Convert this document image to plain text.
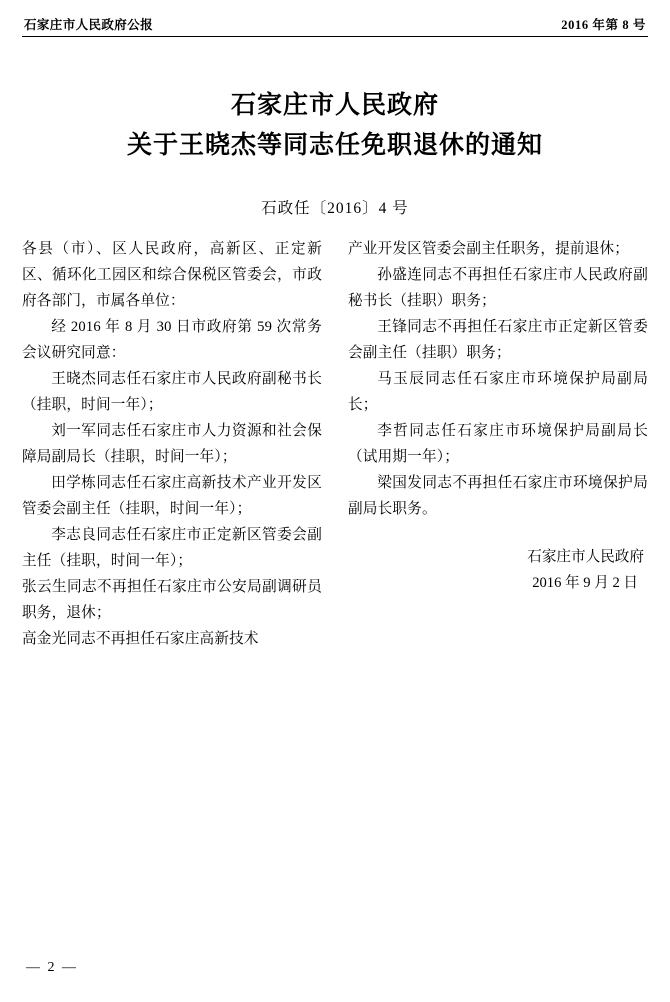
石家庄市人民政府公报	2016 年第 8 号
石家庄市人民政府
关于王晓杰等同志任免职退休的通知
石政任〔2016〕4 号

各县（市）、区人民政府，高新区、正定新区、循环化工园区和综合保税区管委会，市政府各部门，市属各单位：

经 2016 年 8 月 30 日市政府第 59 次常务会议研究同意：

王晓杰同志任石家庄市人民政府副秘书长（挂职，时间一年）；

刘一军同志任石家庄市人力资源和社会保障局副局长（挂职，时间一年）；

田学栋同志任石家庄高新技术产业开发区管委会副主任（挂职，时间一年）；

李志良同志任石家庄市正定新区管委会副主任（挂职，时间一年）；

张云生同志不再担任石家庄市公安局副调研员职务，退休；

高金光同志不再担任石家庄高新技术

产业开发区管委会副主任职务，提前退休；

孙盛连同志不再担任石家庄市人民政府副秘书长（挂职）职务；

王锋同志不再担任石家庄市正定新区管委会副主任（挂职）职务；

马玉辰同志任石家庄市环境保护局副局长；

李哲同志任石家庄市环境保护局副局长（试用期一年）；

梁国发同志不再担任石家庄市环境保护局副局长职务。

石家庄市人民政府
2016 年 9 月 2 日
— 2 —
